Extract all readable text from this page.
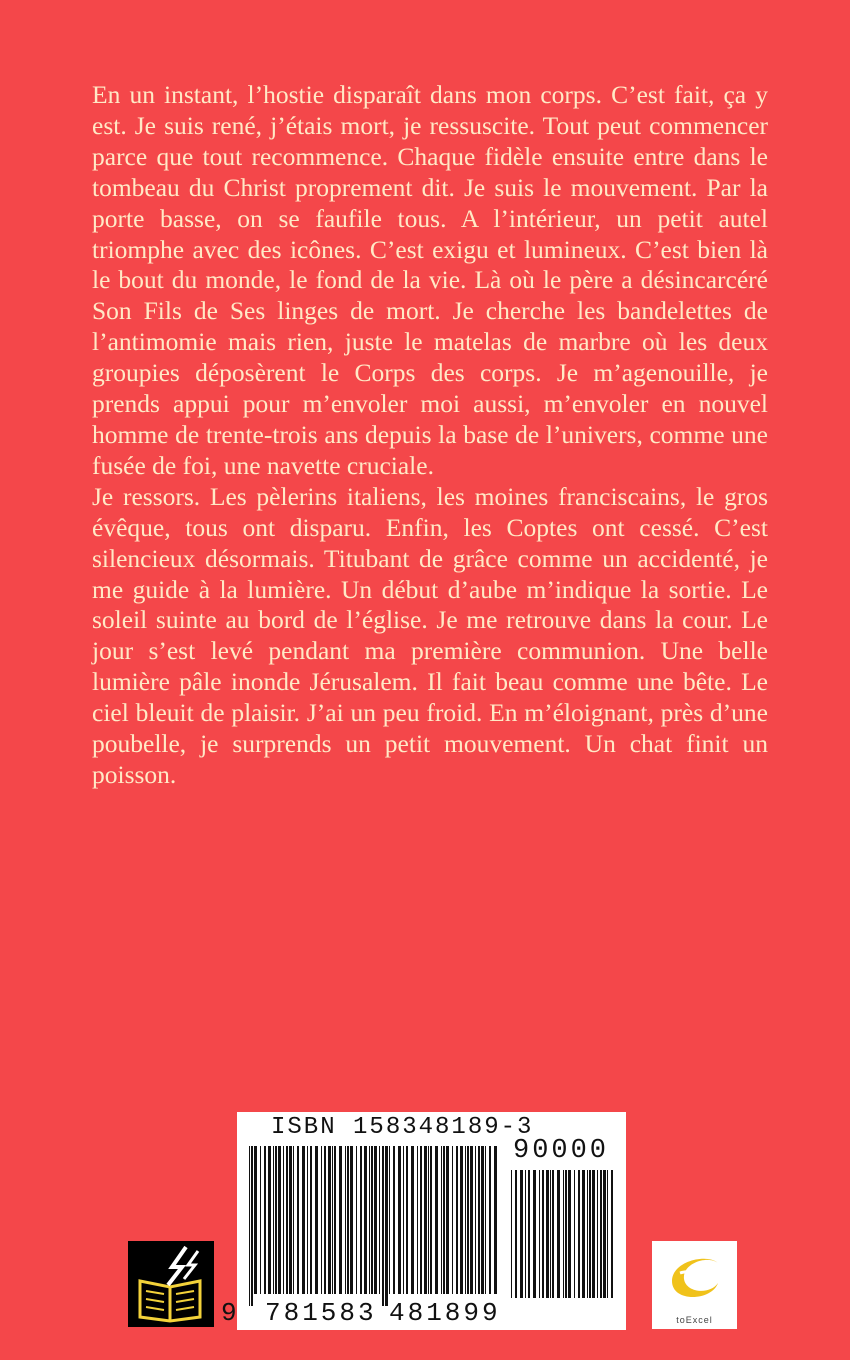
En un instant, l’hostie disparaît dans mon corps. C’est fait, ça y est. Je suis rené, j’étais mort, je ressuscite. Tout peut commencer parce que tout recommence. Chaque fidèle ensuite entre dans le tombeau du Christ proprement dit. Je suis le mouvement. Par la porte basse, on se faufile tous. A l’intérieur, un petit autel triomphe avec des icônes. C’est exigu et lumineux. C’est bien là le bout du monde, le fond de la vie. Là où le père a désincarcéré Son Fils de Ses linges de mort. Je cherche les bandelettes de l’antimomie mais rien, juste le matelas de marbre où les deux groupies déposèrent le Corps des corps. Je m’agenouille, je prends appui pour m’envoler moi aussi, m’envoler en nouvel homme de trente-trois ans depuis la base de l’univers, comme une fusée de foi, une navette cruciale.

Je ressors. Les pèlerins italiens, les moines franciscains, le gros évêque, tous ont disparu. Enfin, les Coptes ont cessé. C’est silencieux désormais. Titubant de grâce comme un accidenté, je me guide à la lumière. Un début d’aube m’indique la sortie. Le soleil suinte au bord de l’église. Je me retrouve dans la cour. Le jour s’est levé pendant ma première communion. Une belle lumière pâle inonde Jérusalem. Il fait beau comme une bête. Le ciel bleuit de plaisir. J’ai un peu froid. En m’éloignant, près d’une poubelle, je surprends un petit mouvement. Un chat finit un poisson.

ISBN 158348189-3
90000
9 781583 481899	toExcel
